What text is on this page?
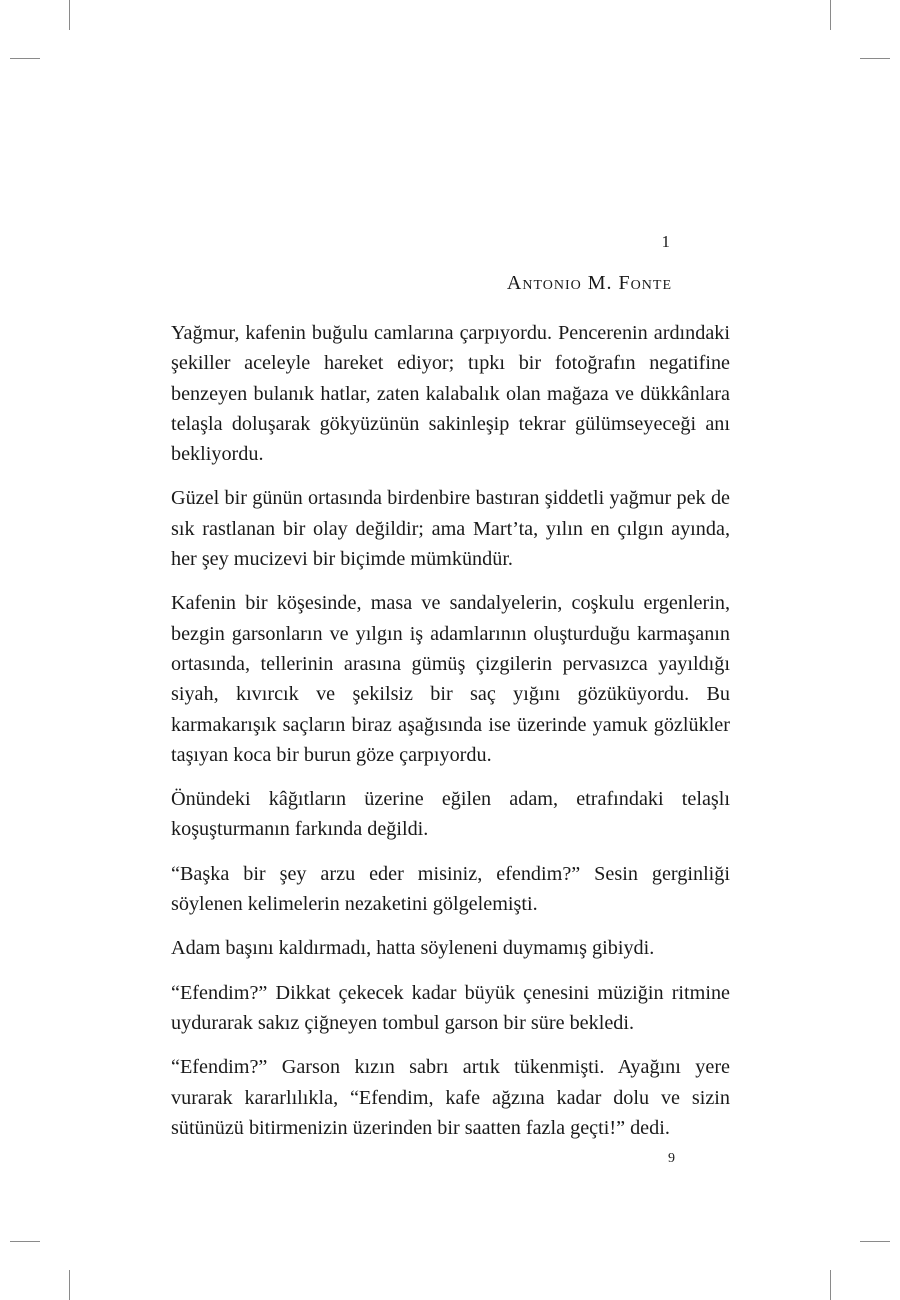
1
Antonio M. Fonte

Yağmur, kafenin buğulu camlarına çarpıyordu. Pencerenin ardındaki şekiller aceleyle hareket ediyor; tıpkı bir fotoğrafın negatifine benzeyen bulanık hatlar, zaten kalabalık olan mağaza ve dükkânlara telaşla doluşarak gökyüzünün sakinleşip tekrar gülümseyeceği anı bekliyordu.

Güzel bir günün ortasında birdenbire bastıran şiddetli yağmur pek de sık rastlanan bir olay değildir; ama Mart’ta, yılın en çılgın ayında, her şey mucizevi bir biçimde mümkündür.

Kafenin bir köşesinde, masa ve sandalyelerin, coşkulu ergenlerin, bezgin garsonların ve yılgın iş adamlarının oluşturduğu karmaşanın ortasında, tellerinin arasına gümüş çizgilerin pervasızca yayıldığı siyah, kıvırcık ve şekilsiz bir saç yığını gözüküyordu. Bu karmakarışık saçların biraz aşağısında ise üzerinde yamuk gözlükler taşıyan koca bir burun göze çarpıyordu.

Önündeki kâğıtların üzerine eğilen adam, etrafındaki telaşlı koşuşturmanın farkında değildi.

“Başka bir şey arzu eder misiniz, efendim?” Sesin gerginliği söylenen kelimelerin nezaketini gölgelemişti.

Adam başını kaldırmadı, hatta söyleneni duymamış gibiydi.

“Efendim?” Dikkat çekecek kadar büyük çenesini müziğin ritmine uydurarak sakız çiğneyen tombul garson bir süre bekledi.

“Efendim?” Garson kızın sabrı artık tükenmişti. Ayağını yere vurarak kararlılıkla, “Efendim, kafe ağzına kadar dolu ve sizin sütünüzü bitirmenizin üzerinden bir saatten fazla geçti!” dedi.

9
